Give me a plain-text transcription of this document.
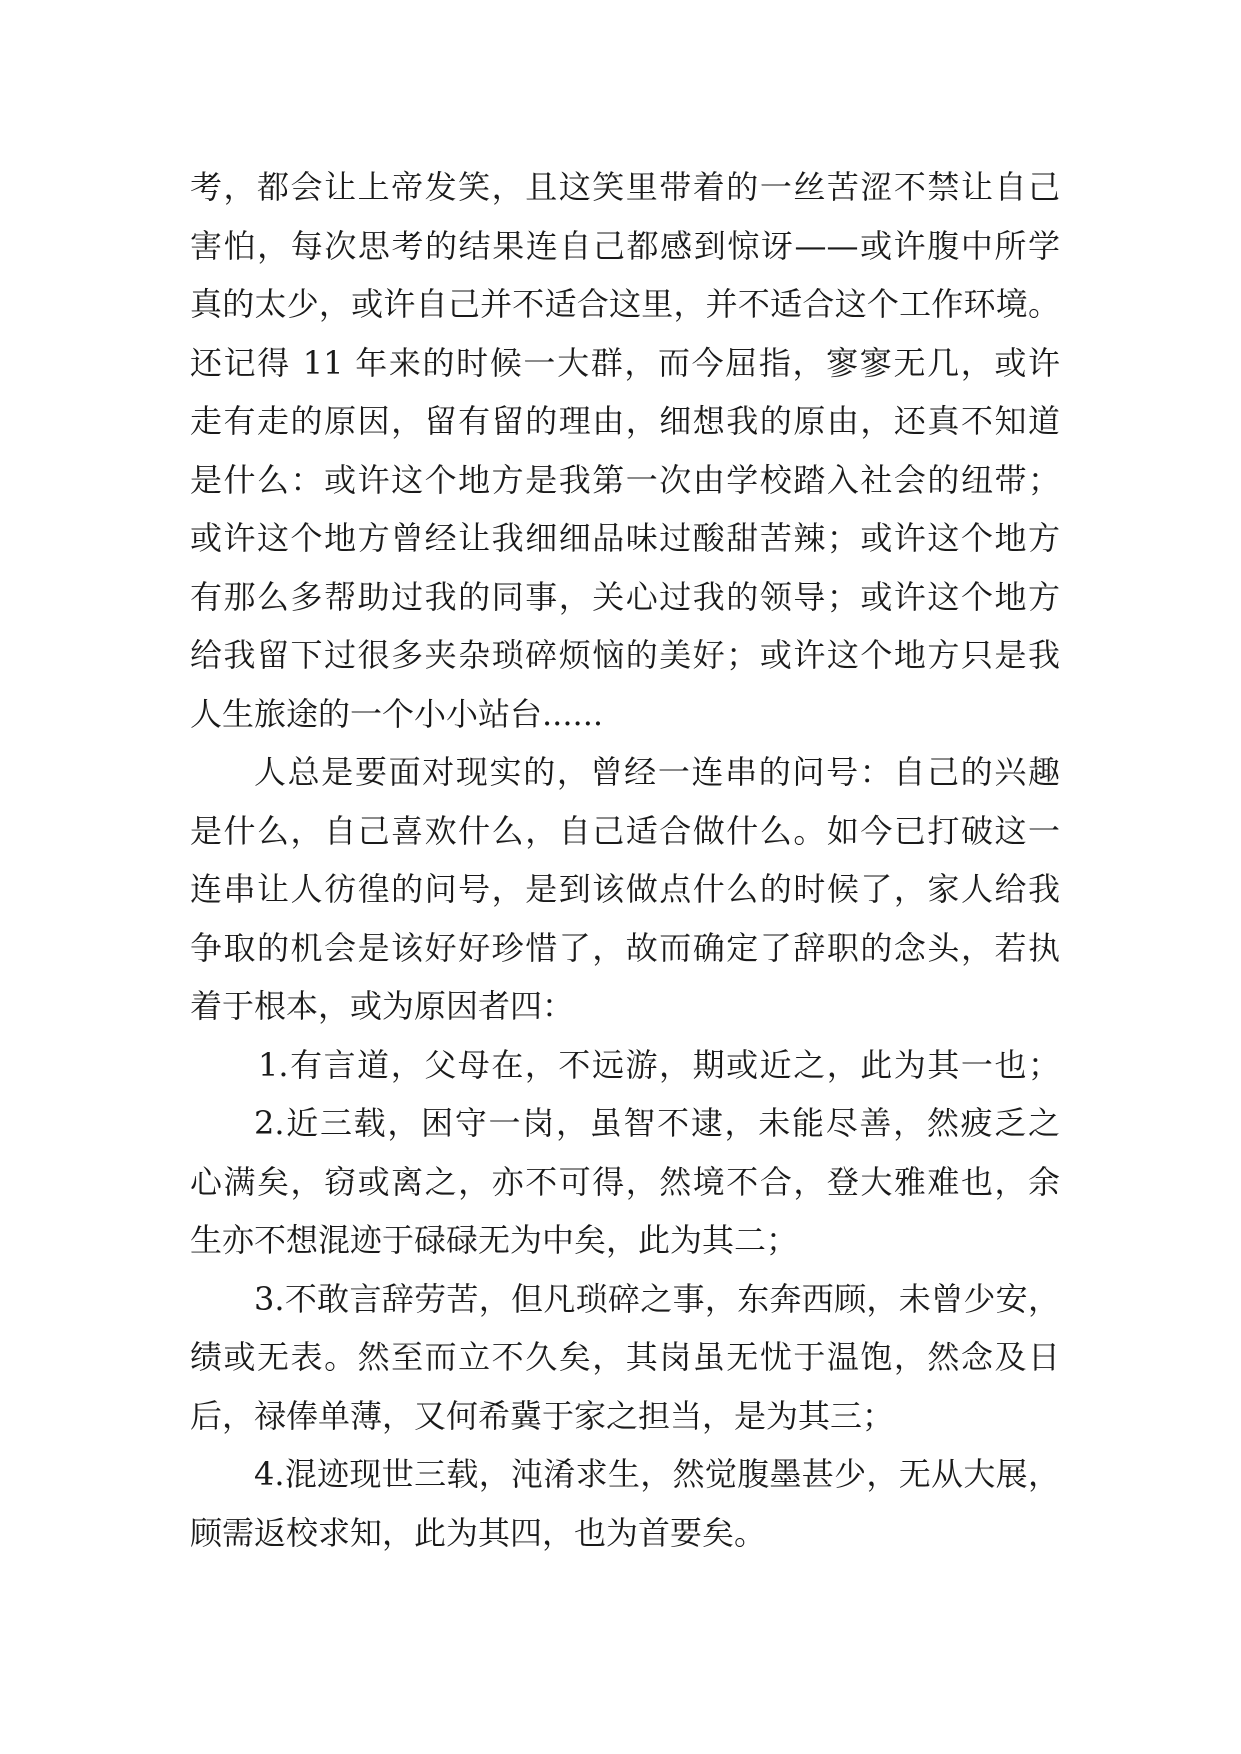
考，都会让上帝发笑，且这笑里带着的一丝苦涩不禁让自己
害怕，每次思考的结果连自己都感到惊讶——或许腹中所学
真的太少，或许自己并不适合这里，并不适合这个工作环境。
还记得 11 年来的时候一大群，而今屈指，寥寥无几，或许
走有走的原因，留有留的理由，细想我的原由，还真不知道
是什么：或许这个地方是我第一次由学校踏入社会的纽带；
或许这个地方曾经让我细细品味过酸甜苦辣；或许这个地方
有那么多帮助过我的同事，关心过我的领导；或许这个地方
给我留下过很多夹杂琐碎烦恼的美好；或许这个地方只是我
人生旅途的一个小小站台......
人总是要面对现实的，曾经一连串的问号：自己的兴趣
是什么，自己喜欢什么，自己适合做什么。如今已打破这一
连串让人彷徨的问号，是到该做点什么的时候了，家人给我
争取的机会是该好好珍惜了，故而确定了辞职的念头，若执
着于根本，或为原因者四：
1.有言道，父母在，不远游，期或近之，此为其一也；
2.近三载，困守一岗，虽智不逮，未能尽善，然疲乏之
心满矣，窃或离之，亦不可得，然境不合，登大雅难也，余
生亦不想混迹于碌碌无为中矣，此为其二；
3.不敢言辞劳苦，但凡琐碎之事，东奔西顾，未曾少安，
绩或无表。然至而立不久矣，其岗虽无忧于温饱，然念及日
后，禄俸单薄，又何希冀于家之担当，是为其三；
4.混迹现世三载，沌淆求生，然觉腹墨甚少，无从大展，
顾需返校求知，此为其四，也为首要矣。
